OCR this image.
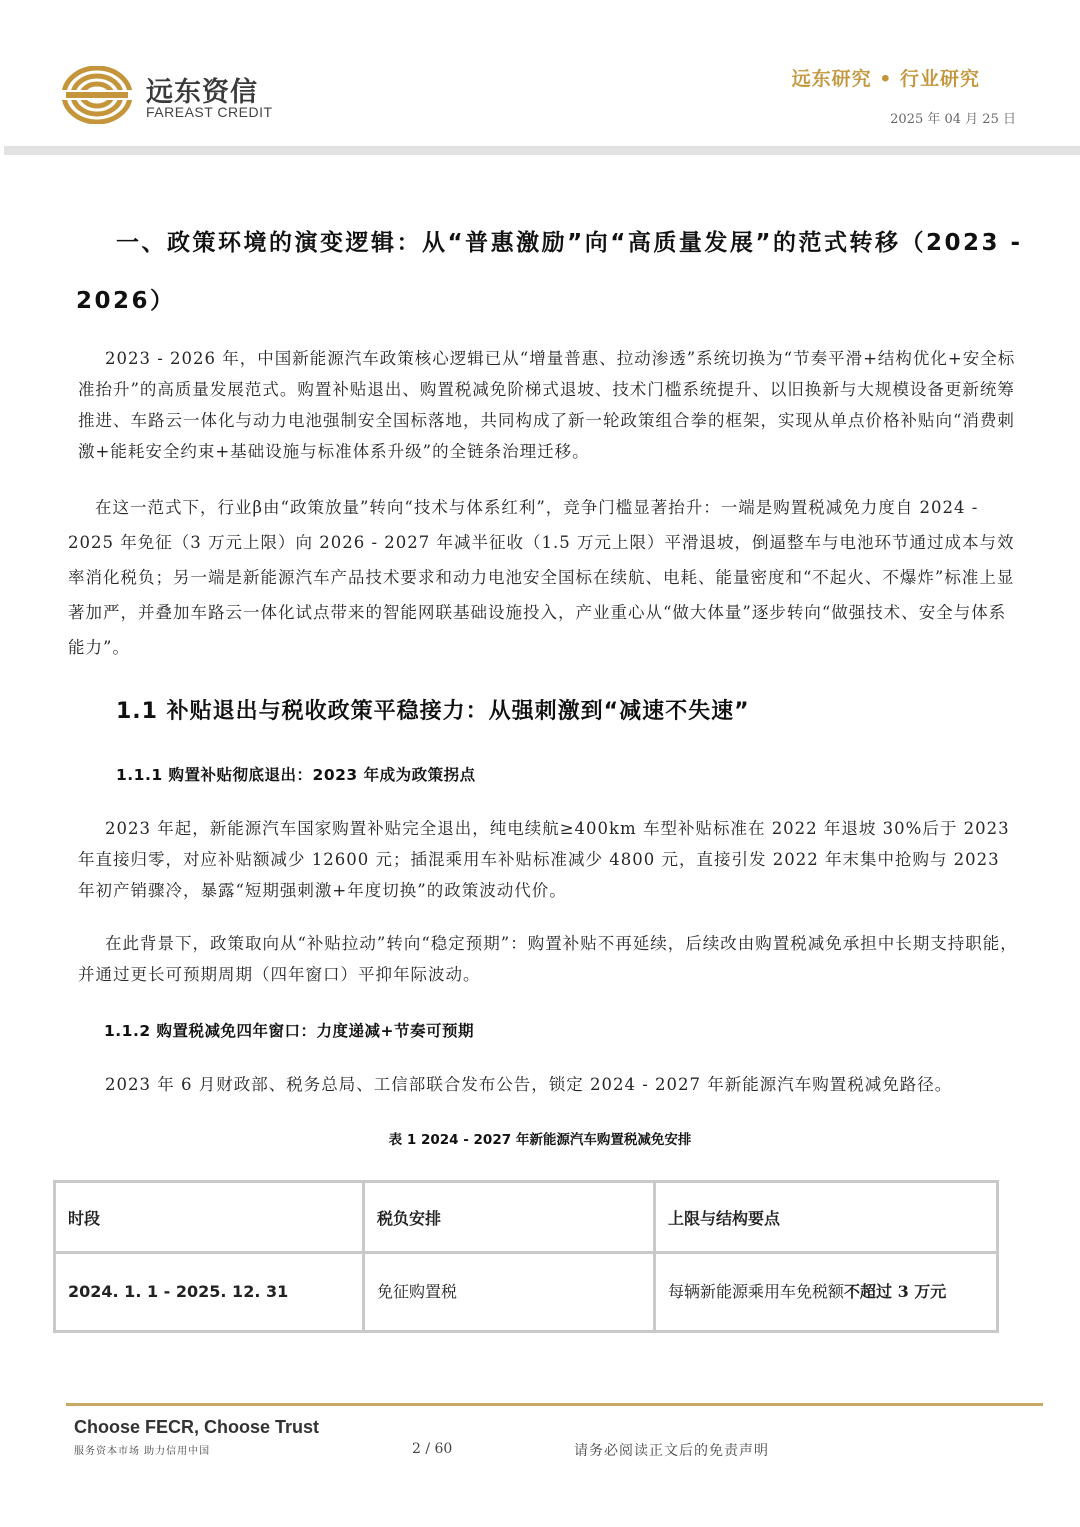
远东资信
FAREAST CREDIT
远东研究 • 行业研究
2025 年 04 月 25 日
一、政策环境的演变逻辑：从“普惠激励”向“高质量发展”的范式转移（2023 - 2026）

2023 - 2026 年，中国新能源汽车政策核心逻辑已从“增量普惠、拉动渗透”系统切换为“节奏平滑+结构优化+安全标准抬升”的高质量发展范式。购置补贴退出、购置税减免阶梯式退坡、技术门槛系统提升、以旧换新与大规模设备更新统筹推进、车路云一体化与动力电池强制安全国标落地，共同构成了新一轮政策组合拳的框架，实现从单点价格补贴向“消费刺激+能耗安全约束+基础设施与标准体系升级”的全链条治理迁移。

在这一范式下，行业β由“政策放量”转向“技术与体系红利”，竞争门槛显著抬升：一端是购置税减免力度自 2024 - 2025 年免征（3 万元上限）向 2026 - 2027 年减半征收（1.5 万元上限）平滑退坡，倒逼整车与电池环节通过成本与效率消化税负；另一端是新能源汽车产品技术要求和动力电池安全国标在续航、电耗、能量密度和“不起火、不爆炸”标准上显著加严，并叠加车路云一体化试点带来的智能网联基础设施投入，产业重心从“做大体量”逐步转向“做强技术、安全与体系能力”。

1.1 补贴退出与税收政策平稳接力：从强刺激到“减速不失速”
1.1.1 购置补贴彻底退出：2023 年成为政策拐点

2023 年起，新能源汽车国家购置补贴完全退出，纯电续航≥400km 车型补贴标准在 2022 年退坡 30%后于 2023 年直接归零，对应补贴额减少 12600 元；插混乘用车补贴标准减少 4800 元，直接引发 2022 年末集中抢购与 2023 年初产销骤冷，暴露“短期强刺激+年度切换”的政策波动代价。

在此背景下，政策取向从“补贴拉动”转向“稳定预期”：购置补贴不再延续，后续改由购置税减免承担中长期支持职能，并通过更长可预期周期（四年窗口）平抑年际波动。

1.1.2 购置税减免四年窗口：力度递减+节奏可预期

2023 年 6 月财政部、税务总局、工信部联合发布公告，锁定 2024 - 2027 年新能源汽车购置税减免路径。

表 1 2024 - 2027 年新能源汽车购置税减免安排
时段	税负安排	上限与结构要点
2024. 1. 1 - 2025. 12. 31	免征购置税	每辆新能源乘用车免税额不超过 3 万元
Choose FECR, Choose Trust
服务资本市场 助力信用中国	2 / 60	请务必阅读正文后的免责声明
